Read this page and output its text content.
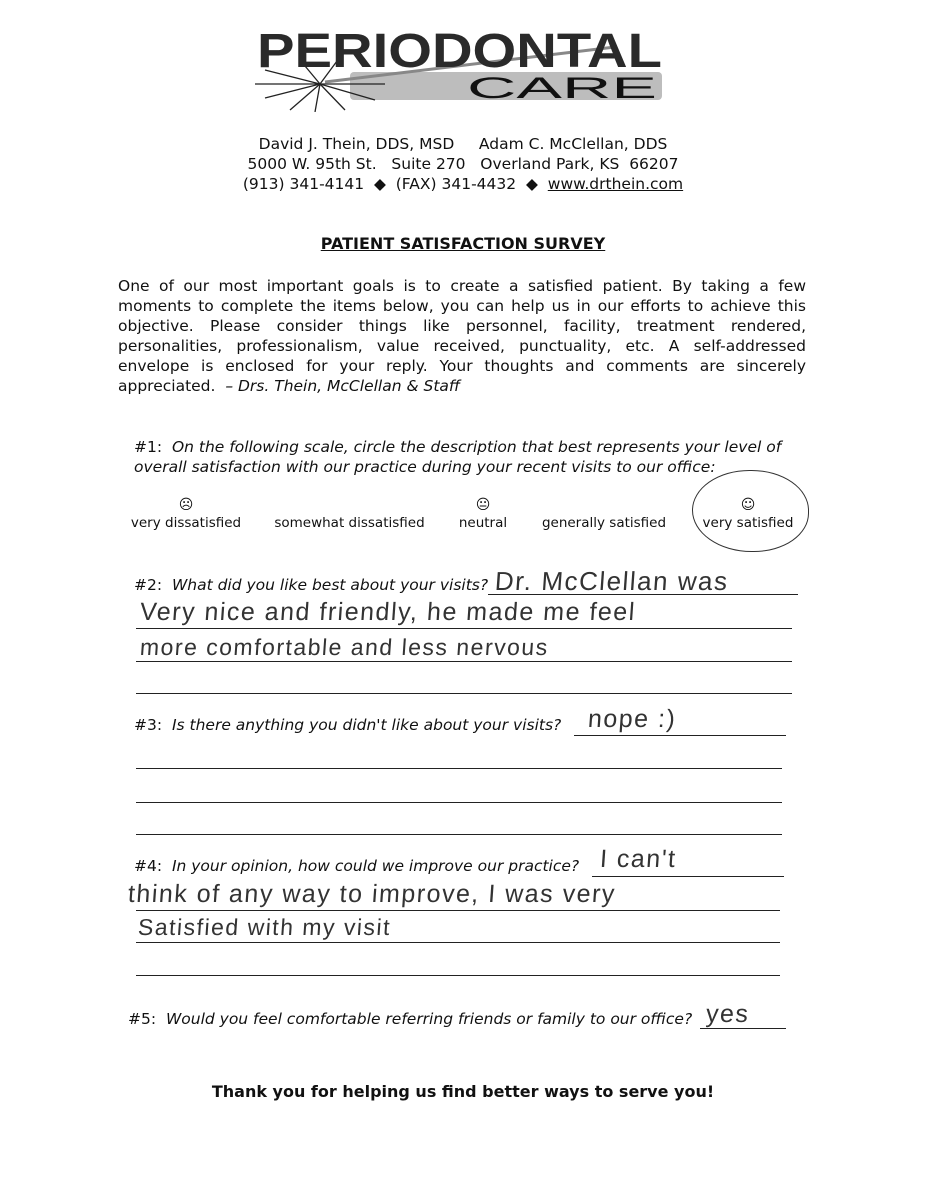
PERIODONTAL
CARE
David J. Thein, DDS, MSD Adam C. McClellan, DDS
5000 W. 95th St.   Suite 270   Overland Park, KS  66207
(913) 341-4141  ◆  (FAX) 341-4432  ◆  www.drthein.com
PATIENT SATISFACTION SURVEY
One of our most important goals is to create a satisfied patient. By taking a few moments to complete the items below, you can help us in our efforts to achieve this objective. Please consider things like personnel, facility, treatment rendered, personalities, professionalism, value received, punctuality, etc. A self-addressed envelope is enclosed for your reply. Your thoughts and comments are sincerely appreciated. – Drs. Thein, McClellan & Staff
#1: On the following scale, circle the description that best represents your level of overall satisfaction with our practice during your recent visits to our office:
☹
very dissatisfied somewhat dissatisfied
😐︎
neutral	generally satisfied
☺
very satisfied
#2: What did you like best about your visits? Dr. McClellan was
Very nice and friendly, he made me feel
more comfortable and less nervous
#3: Is there anything you didn't like about your visits? nope :)
#4: In your opinion, how could we improve our practice? I can't
think of any way to improve, I was very
Satisfied with my visit
#5: Would you feel comfortable referring friends or family to our office? yes
Thank you for helping us find better ways to serve you!
